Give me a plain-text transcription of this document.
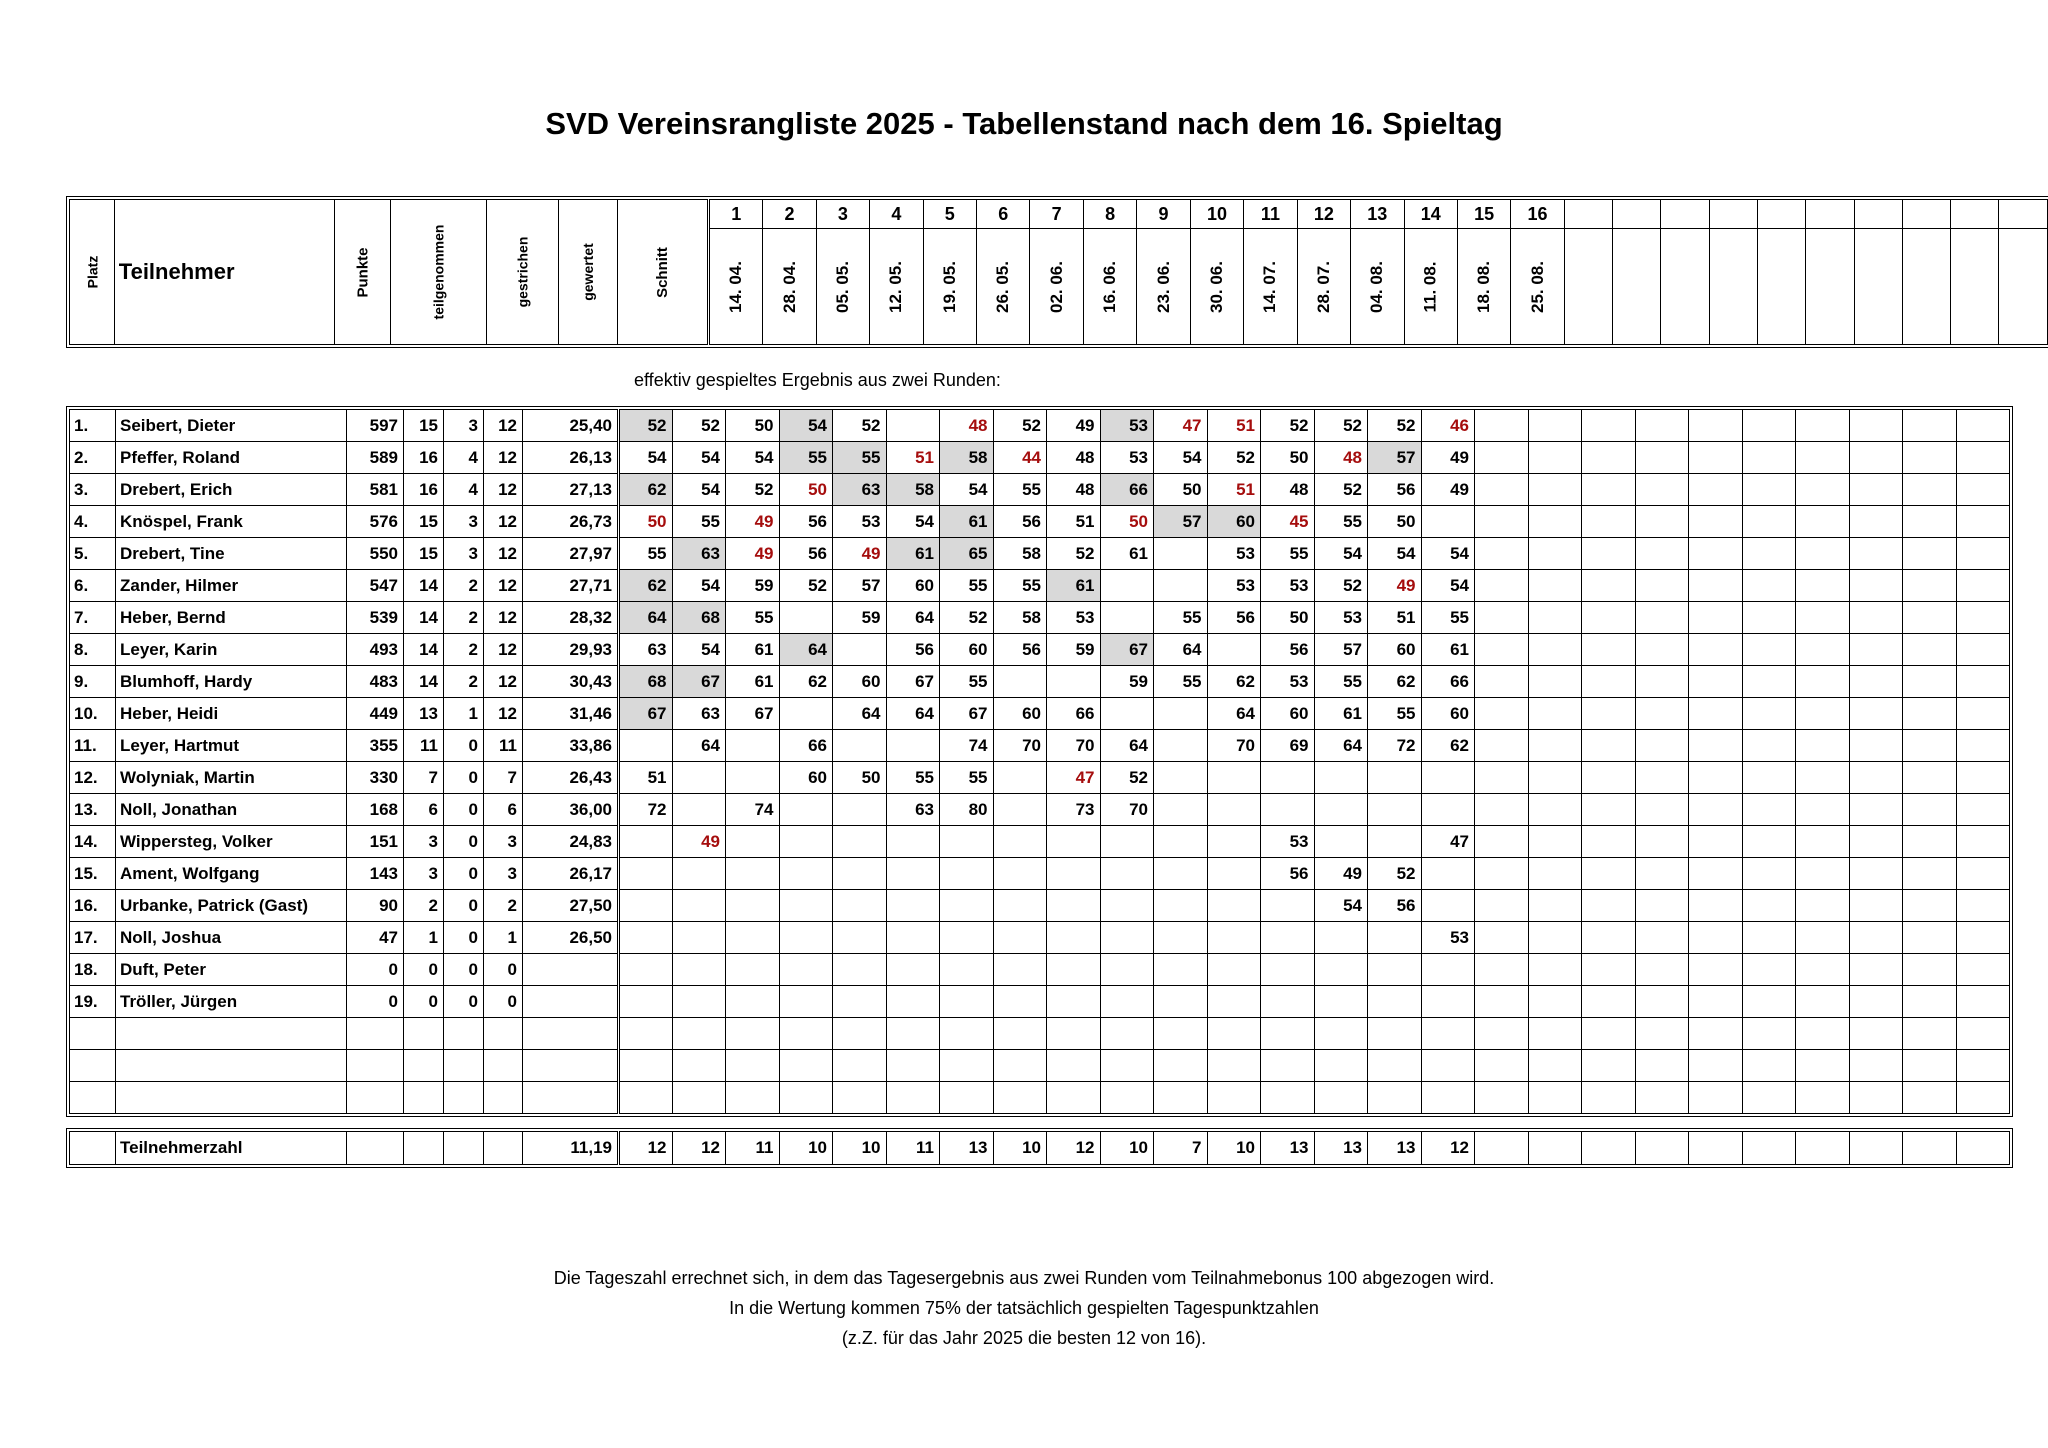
SVD Vereinsrangliste 2025 - Tabellenstand nach dem 16. Spieltag
Platz	Teilnehmer	Punkte	teilgenommen	gestrichen	gewertet	Schnitt	1	2	3	4	5	6	7	8	9	10	11	12	13	14	15	16										
							14. 04.	28. 04.	05. 05.	12. 05.	19. 05.	26. 05.	02. 06.	16. 06.	23. 06.	30. 06.	14. 07.	28. 07.	04. 08.	11. 08.	18. 08.	25. 08.										

effektiv gespieltes Ergebnis aus zwei Runden:

1.	Seibert, Dieter	597	15	3	12	25,40	52	52	50	54	52		48	52	49	53	47	51	52	52	52	46										
2.	Pfeffer, Roland	589	16	4	12	26,13	54	54	54	55	55	51	58	44	48	53	54	52	50	48	57	49										
3.	Drebert, Erich	581	16	4	12	27,13	62	54	52	50	63	58	54	55	48	66	50	51	48	52	56	49										
4.	Knöspel, Frank	576	15	3	12	26,73	50	55	49	56	53	54	61	56	51	50	57	60	45	55	50											
5.	Drebert, Tine	550	15	3	12	27,97	55	63	49	56	49	61	65	58	52	61		53	55	54	54	54										
6.	Zander, Hilmer	547	14	2	12	27,71	62	54	59	52	57	60	55	55	61			53	53	52	49	54										
7.	Heber, Bernd	539	14	2	12	28,32	64	68	55		59	64	52	58	53		55	56	50	53	51	55										
8.	Leyer, Karin	493	14	2	12	29,93	63	54	61	64		56	60	56	59	67	64		56	57	60	61										
9.	Blumhoff, Hardy	483	14	2	12	30,43	68	67	61	62	60	67	55			59	55	62	53	55	62	66										
10.	Heber, Heidi	449	13	1	12	31,46	67	63	67		64	64	67	60	66			64	60	61	55	60										
11.	Leyer, Hartmut	355	11	0	11	33,86		64		66			74	70	70	64		70	69	64	72	62										
12.	Wolyniak, Martin	330	7	0	7	26,43	51			60	50	55	55		47	52																
13.	Noll, Jonathan	168	6	0	6	36,00	72		74			63	80		73	70																
14.	Wippersteg, Volker	151	3	0	3	24,83		49											53			47										
15.	Ament, Wolfgang	143	3	0	3	26,17													56	49	52											
16.	Urbanke, Patrick (Gast)	90	2	0	2	27,50														54	56											
17.	Noll, Joshua	47	1	0	1	26,50																53										
18.	Duft, Peter	0	0	0	0																											
19.	Tröller, Jürgen	0	0	0	0																											

	Teilnehmerzahl					11,19	12	12	11	10	10	11	13	10	12	10	7	10	13	13	13	12										

Die Tageszahl errechnet sich, in dem das Tagesergebnis aus zwei Runden vom Teilnahmebonus 100 abgezogen wird.

In die Wertung kommen 75% der tatsächlich gespielten Tagespunktzahlen

(z.Z. für das Jahr 2025 die besten 12 von 16).
